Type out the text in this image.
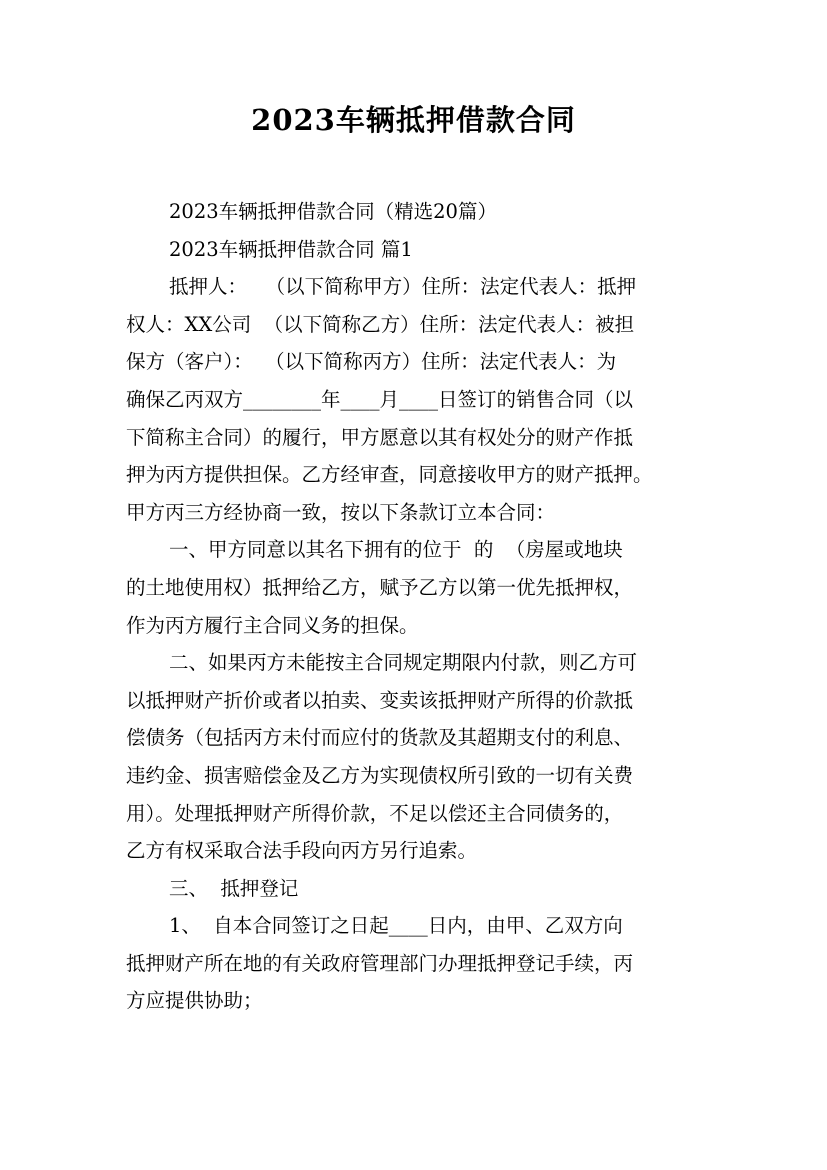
2023车辆抵押借款合同
2023车辆抵押借款合同（精选20篇）
2023车辆抵押借款合同 篇1
抵押人：   （以下简称甲方）住所：法定代表人：抵押
权人：XX公司  （以下简称乙方）住所：法定代表人：被担
保方（客户）：  （以下简称丙方）住所：法定代表人：为
确保乙丙双方________年____月____日签订的销售合同（以
下简称主合同）的履行，甲方愿意以其有权处分的财产作抵
押为丙方提供担保。乙方经审查，同意接收甲方的财产抵押。
甲方丙三方经协商一致，按以下条款订立本合同：
一、甲方同意以其名下拥有的位于  的  （房屋或地块
的土地使用权）抵押给乙方，赋予乙方以第一优先抵押权，
作为丙方履行主合同义务的担保。
二、如果丙方未能按主合同规定期限内付款，则乙方可
以抵押财产折价或者以拍卖、变卖该抵押财产所得的价款抵
偿债务（包括丙方未付而应付的货款及其超期支付的利息、
违约金、损害赔偿金及乙方为实现债权所引致的一切有关费
用）。处理抵押财产所得价款，不足以偿还主合同债务的，
乙方有权采取合法手段向丙方另行追索。
三、  抵押登记
1、  自本合同签订之日起____日内，由甲、乙双方向
抵押财产所在地的有关政府管理部门办理抵押登记手续，丙
方应提供协助；
